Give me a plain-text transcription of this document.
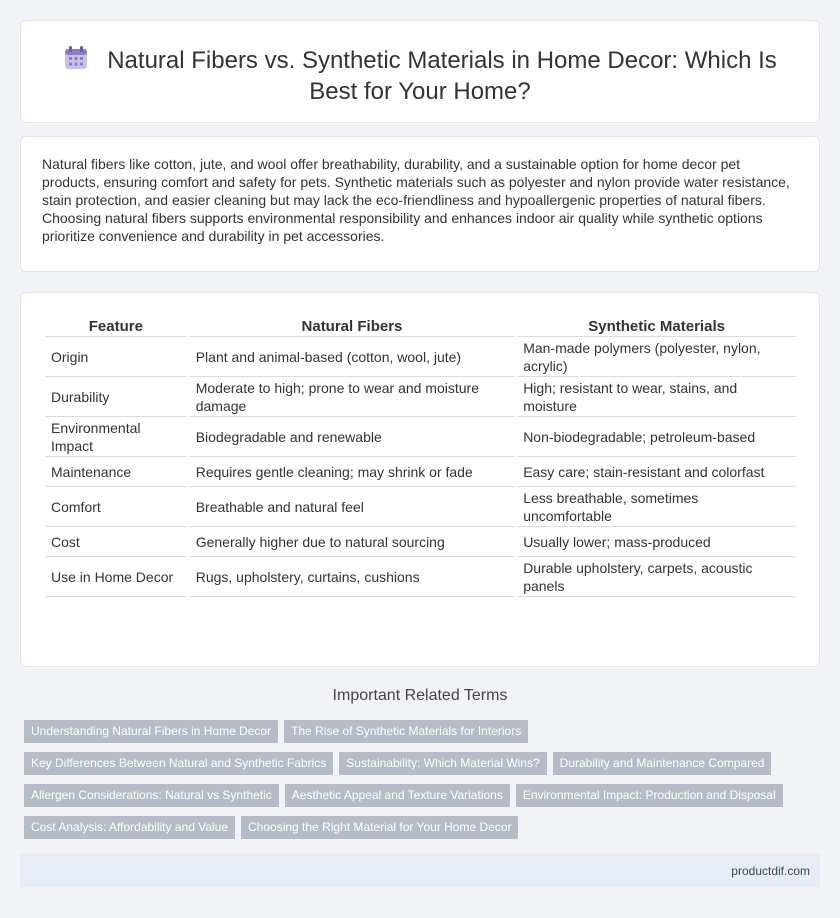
Natural Fibers vs. Synthetic Materials in Home Decor: Which Is Best for Your Home?

Natural fibers like cotton, jute, and wool offer breathability, durability, and a sustainable option for home decor pet products, ensuring comfort and safety for pets. Synthetic materials such as polyester and nylon provide water resistance, stain protection, and easier cleaning but may lack the eco-friendliness and hypoallergenic properties of natural fibers. Choosing natural fibers supports environmental responsibility and enhances indoor air quality while synthetic options prioritize convenience and durability in pet accessories.

Feature	Natural Fibers	Synthetic Materials
Origin	Plant and animal-based (cotton, wool, jute)	Man-made polymers (polyester, nylon, acrylic)
Durability	Moderate to high; prone to wear and moisture damage	High; resistant to wear, stains, and moisture
Environmental Impact	Biodegradable and renewable	Non-biodegradable; petroleum-based
Maintenance	Requires gentle cleaning; may shrink or fade	Easy care; stain-resistant and colorfast
Comfort	Breathable and natural feel	Less breathable, sometimes uncomfortable
Cost	Generally higher due to natural sourcing	Usually lower; mass-produced
Use in Home Decor	Rugs, upholstery, curtains, cushions	Durable upholstery, carpets, acoustic panels
Important Related Terms
Understanding Natural Fibers in Home Decor The Rise of Synthetic Materials for Interiors
Key Differences Between Natural and Synthetic Fabrics Sustainability: Which Material Wins? Durability and Maintenance Compared
Allergen Considerations: Natural vs Synthetic Aesthetic Appeal and Texture Variations Environmental Impact: Production and Disposal
Cost Analysis: Affordability and Value Choosing the Right Material for Your Home Decor
productdif.com
